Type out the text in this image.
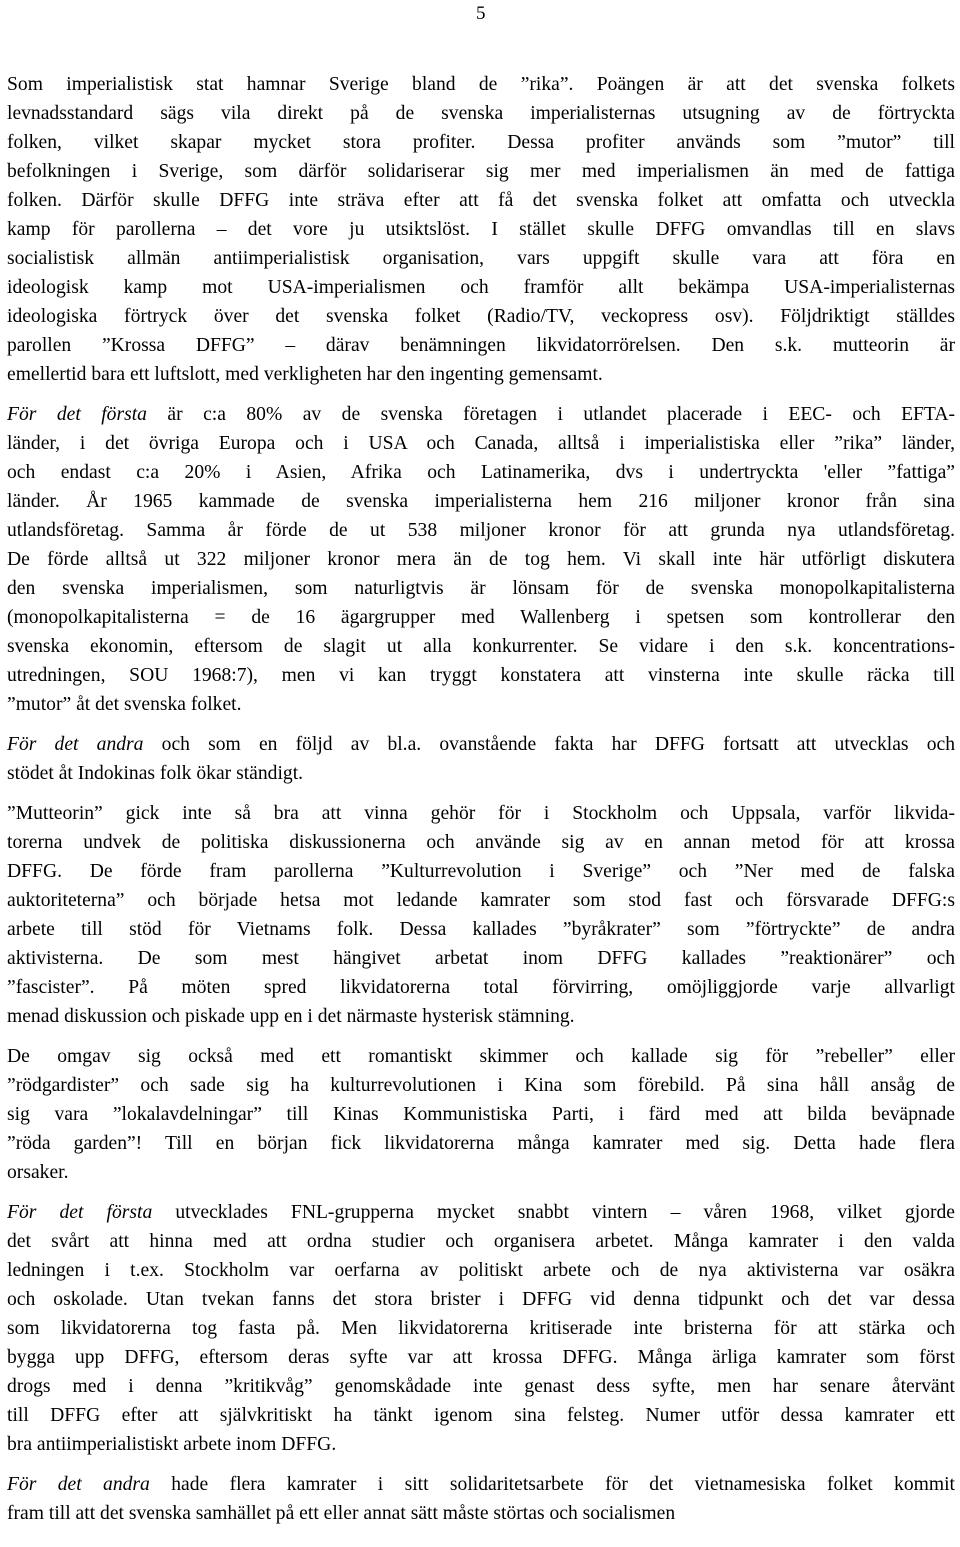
5
Som imperialistisk stat hamnar Sverige bland de ”rika”. Poängen är att det svenska folkets
levnadsstandard sägs vila direkt på de svenska imperialisternas utsugning av de förtryckta
folken, vilket skapar mycket stora profiter. Dessa profiter används som ”mutor” till
befolkningen i Sverige, som därför solidariserar sig mer med imperialismen än med de fattiga
folken. Därför skulle DFFG inte sträva efter att få det svenska folket att omfatta och utveckla
kamp för parollerna – det vore ju utsiktslöst. I stället skulle DFFG omvandlas till en slavs
socialistisk allmän antiimperialistisk organisation, vars uppgift skulle vara att föra en
ideologisk kamp mot USA-imperialismen och framför allt bekämpa USA-imperialisternas
ideologiska förtryck över det svenska folket (Radio/TV, veckopress osv). Följdriktigt ställdes
parollen ”Krossa DFFG” – därav benämningen likvidatorrörelsen. Den s.k. mutteorin är
emellertid bara ett luftslott, med verkligheten har den ingenting gemensamt.
För det första är c:a 80% av de svenska företagen i utlandet placerade i EEC- och EFTA-
länder, i det övriga Europa och i USA och Canada, alltså i imperialistiska eller ”rika” länder,
och endast c:a 20% i Asien, Afrika och Latinamerika, dvs i undertryckta 'eller ”fattiga”
länder. År 1965 kammade de svenska imperialisterna hem 216 miljoner kronor från sina
utlandsföretag. Samma år förde de ut 538 miljoner kronor för att grunda nya utlandsföretag.
De förde alltså ut 322 miljoner kronor mera än de tog hem. Vi skall inte här utförligt diskutera
den svenska imperialismen, som naturligtvis är lönsam för de svenska monopolkapitalisterna
(monopolkapitalisterna = de 16 ägargrupper med Wallenberg i spetsen som kontrollerar den
svenska ekonomin, eftersom de slagit ut alla konkurrenter. Se vidare i den s.k. koncentrations-
utredningen, SOU 1968:7), men vi kan tryggt konstatera att vinsterna inte skulle räcka till
”mutor” åt det svenska folket.
För det andra och som en följd av bl.a. ovanstående fakta har DFFG fortsatt att utvecklas och
stödet åt Indokinas folk ökar ständigt.
”Mutteorin” gick inte så bra att vinna gehör för i Stockholm och Uppsala, varför likvida-
torerna undvek de politiska diskussionerna och använde sig av en annan metod för att krossa
DFFG. De förde fram parollerna ”Kulturrevolution i Sverige” och ”Ner med de falska
auktoriteterna” och började hetsa mot ledande kamrater som stod fast och försvarade DFFG:s
arbete till stöd för Vietnams folk. Dessa kallades ”byråkrater” som ”förtryckte” de andra
aktivisterna. De som mest hängivet arbetat inom DFFG kallades ”reaktionärer” och
”fascister”. På möten spred likvidatorerna total förvirring, omöjliggjorde varje allvarligt
menad diskussion och piskade upp en i det närmaste hysterisk stämning.
De omgav sig också med ett romantiskt skimmer och kallade sig för ”rebeller” eller
”rödgardister” och sade sig ha kulturrevolutionen i Kina som förebild. På sina håll ansåg de
sig vara ”lokalavdelningar” till Kinas Kommunistiska Parti, i färd med att bilda beväpnade
”röda garden”! Till en början fick likvidatorerna många kamrater med sig. Detta hade flera
orsaker.
För det första utvecklades FNL-grupperna mycket snabbt vintern – våren 1968, vilket gjorde
det svårt att hinna med att ordna studier och organisera arbetet. Många kamrater i den valda
ledningen i t.ex. Stockholm var oerfarna av politiskt arbete och de nya aktivisterna var osäkra
och oskolade. Utan tvekan fanns det stora brister i DFFG vid denna tidpunkt och det var dessa
som likvidatorerna tog fasta på. Men likvidatorerna kritiserade inte bristerna för att stärka och
bygga upp DFFG, eftersom deras syfte var att krossa DFFG. Många ärliga kamrater som först
drogs med i denna ”kritikvåg” genomskådade inte genast dess syfte, men har senare återvänt
till DFFG efter att självkritiskt ha tänkt igenom sina felsteg. Numer utför dessa kamrater ett
bra antiimperialistiskt arbete inom DFFG.
För det andra hade flera kamrater i sitt solidaritetsarbete för det vietnamesiska folket kommit
fram till att det svenska samhället på ett eller annat sätt måste störtas och socialismen
